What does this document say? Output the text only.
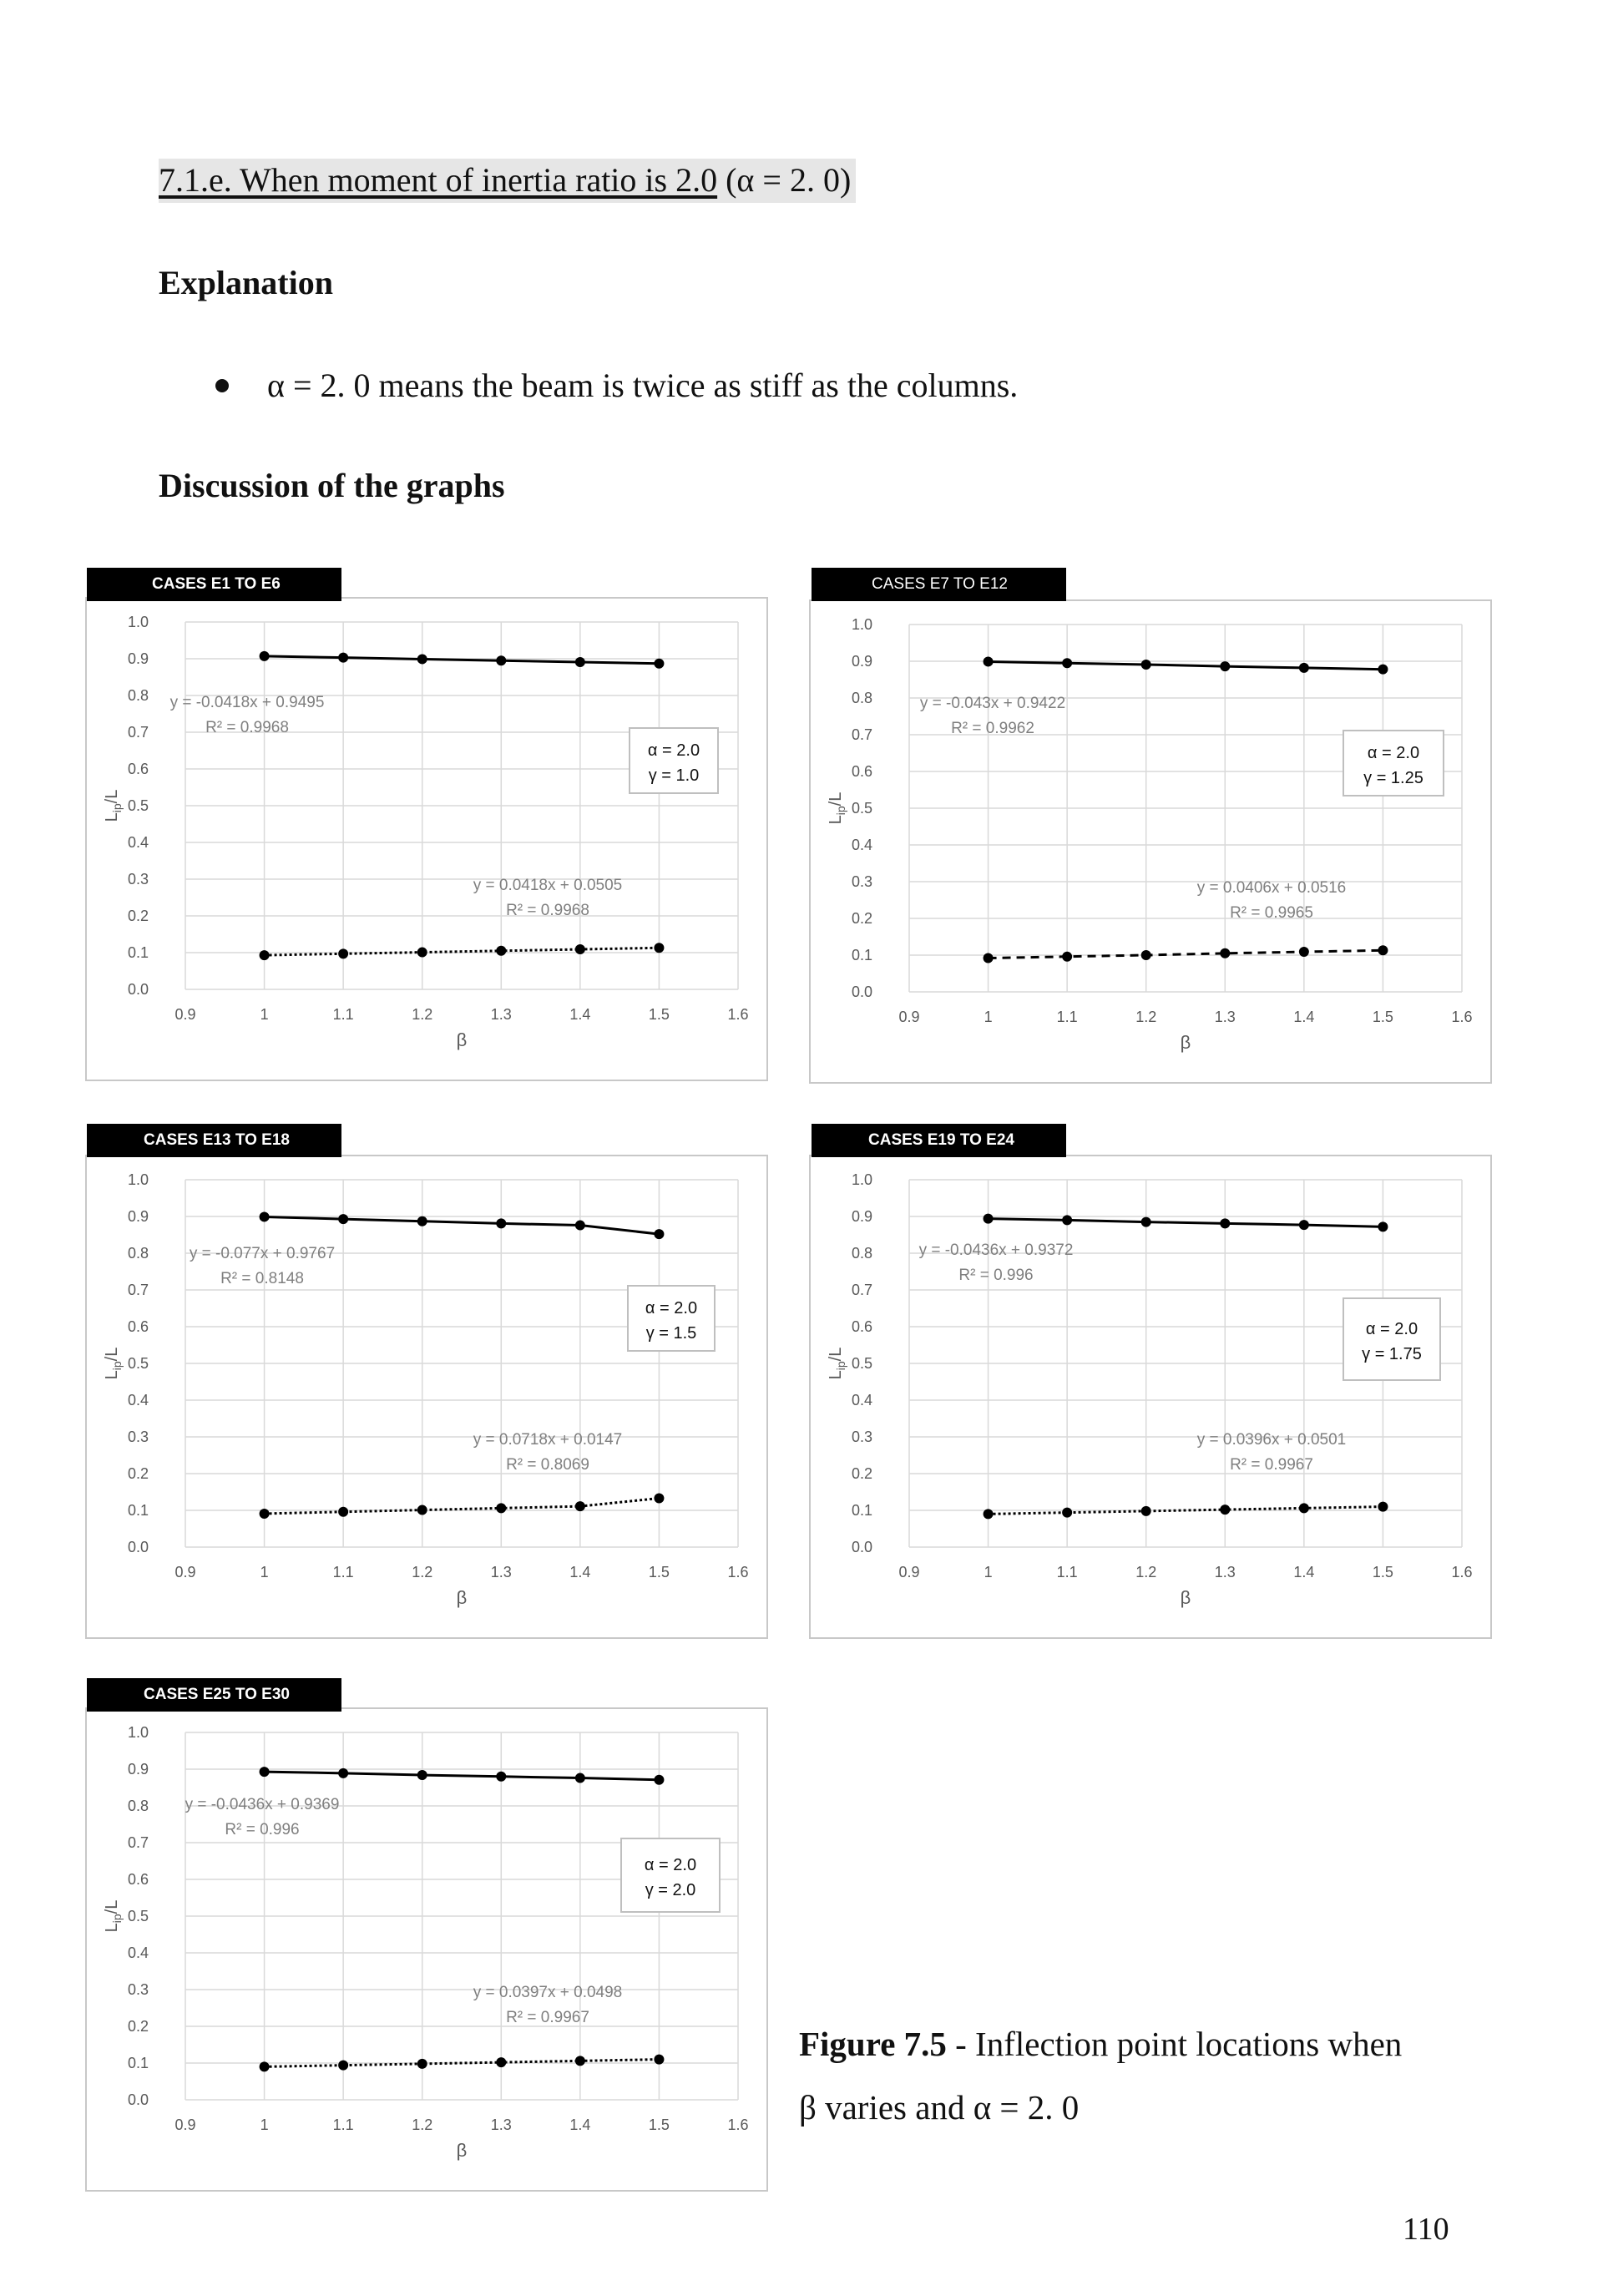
7.1.e. When moment of inertia ratio is 2.0 (α = 2. 0)
Explanation
α = 2. 0 means the beam is twice as stiff as the columns.
Discussion of the graphs
0.0
0.1
0.2
0.3
0.4
0.5
0.6
0.7
0.8
0.9
1.0
0.9	1	1.1	1.2	1.3	1.4	1.5	1.6
β
$L_{ip}/L$
y = -0.0418x + 0.9495
R² = 0.9968
y = 0.0418x + 0.0505
R² = 0.9968
α = 2.0
γ = 1.0
CASES E1 TO E6
0.0
0.1
0.2
0.3
0.4
0.5
0.6
0.7
0.8
0.9
1.0
0.9	1	1.1	1.2	1.3	1.4	1.5	1.6
β
$L_{ip}/L$
y = -0.043x + 0.9422
R² = 0.9962
y = 0.0406x + 0.0516
R² = 0.9965
α = 2.0
γ = 1.25
CASES E7 TO E12
0.0
0.1
0.2
0.3
0.4
0.5
0.6
0.7
0.8
0.9
1.0
0.9	1	1.1	1.2	1.3	1.4	1.5	1.6
β
$L_{ip}/L$
y = -0.077x + 0.9767
R² = 0.8148
y = 0.0718x + 0.0147
R² = 0.8069
α = 2.0
γ = 1.5
CASES E13 TO E18
0.0
0.1
0.2
0.3
0.4
0.5
0.6
0.7
0.8
0.9
1.0
0.9	1	1.1	1.2	1.3	1.4	1.5	1.6
β
$L_{ip}/L$
y = -0.0436x + 0.9372
R² = 0.996
y = 0.0396x + 0.0501
R² = 0.9967
α = 2.0
γ = 1.75
CASES E19 TO E24
0.0
0.1
0.2
0.3
0.4
0.5
0.6
0.7
0.8
0.9
1.0
0.9	1	1.1	1.2	1.3	1.4	1.5	1.6
β
$L_{ip}/L$
y = -0.0436x + 0.9369
R² = 0.996
y = 0.0397x + 0.0498
R² = 0.9967
α = 2.0
γ = 2.0
CASES E25 TO E30
Figure 7.5 - Inflection point locations when
β varies and α = 2. 0
110
